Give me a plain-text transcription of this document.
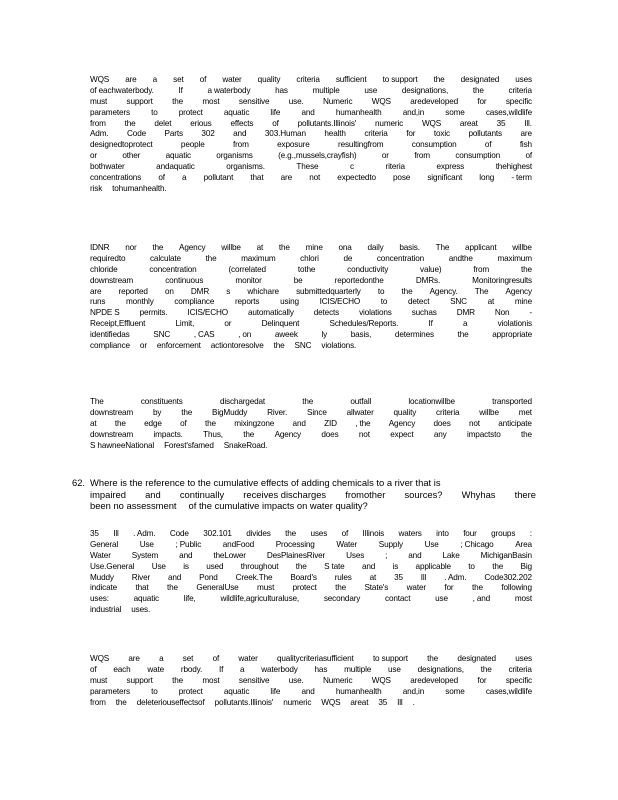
WQS are a set of water quality criteria sufficient to support the designated uses
of eachwaterbody.	If	a waterbody	has	multiple	use	designations,	the	criteria
must support the most sensitive use. Numeric WQS aredeveloped for specific
parameters	to	protect	aquatic	life	and	humanhealth	and,in	some	cases,wildlife
from the delet erious effects of pollutants.Illinois' numeric WQS areat 35 Ill.
Adm. Code Parts 302 and 303.Human health criteria for toxic pollutants are
designedtoprotect	people	from	exposure	resultingfrom	consumption	of	fish
or	other	aquatic	organisms	(e.g.,mussels,crayfish)	or	from	consumption	of
bothwater	andaquatic	organisms.	These	c	riteria	express	thehighest
concentrations of a pollutant that are not expectedto pose significant long - term
risk tohumanhealth.
IDNR nor the Agency willbe at the mine ona daily basis. The applicant willbe
requiredto	calculate	the	maximum	chlori	de	concentration	andthe	maximum
chloride	concentration	(correlated	tothe	conductivity	value)	from	the
downstream	continuous	monitor	be	reportedonthe	DMRs.	Monitoringresults
are reported on DMR s whichare submittedquarterly to the Agency. The Agency
runs	monthly	compliance	reports	using	ICIS/ECHO	to	detect	SNC	at	mine
NPDE S permits. ICIS/ECHO automatically detects violations suchas DMR Non -
Receipt,Effluent	Limit,	or	Delinquent	Schedules/Reports.	If	a	violationis
identifiedas	SNC	, CAS	, on	aweek	ly	basis,	determines	the	appropriate
compliance or enforcement actiontoresolve the SNC violations.
The	constituents	dischargedat	the	outfall	locationwillbe	transported
downstream by the BigMuddy River. Since allwater quality criteria willbe met
at the edge of the mixingzone and ZID , the Agency does not anticipate
downstream impacts. Thus, the Agency does not expect any impactsto the
S hawneeNational Forest'sfamed SnakeRoad.
62. Where is the reference to the cumulative effects of adding chemicals to a river that is
impaired and continually receives discharges fromother sources? Whyhas there
been no assessment of the cumulative impacts on water quality?
35 Ill . Adm. Code 302.101 divides the uses of Illinois waters into four groups :
General	Use	; Public	andFood	Processing	Water	Supply	Use	; Chicago	Area
Water	System	and	theLower	DesPlainesRiver	Uses	;	and	Lake	MichiganBasin
Use.General Use is used throughout the S tate and is applicable to the Big
Muddy River and Pond Creek.The Board's rules at 35 Ill . Adm. Code302.202
indicate that the GeneralUse must protect the State's water for the following
uses:	aquatic	life,	wildlife,agriculturaluse,	secondary	contact	use	, and	most
industrial uses.
WQS are a set of water qualitycriteriasufficient to support the designated uses
of each wate rbody. If a waterbody has multiple use designations, the criteria
must support the most sensitive use. Numeric WQS aredeveloped for specific
parameters	to	protect	aquatic	life	and	humanhealth	and,in	some	cases,wildlife
from the deleteriouseffectsof pollutants.Illinois' numeric WQS areat 35 Ill .
